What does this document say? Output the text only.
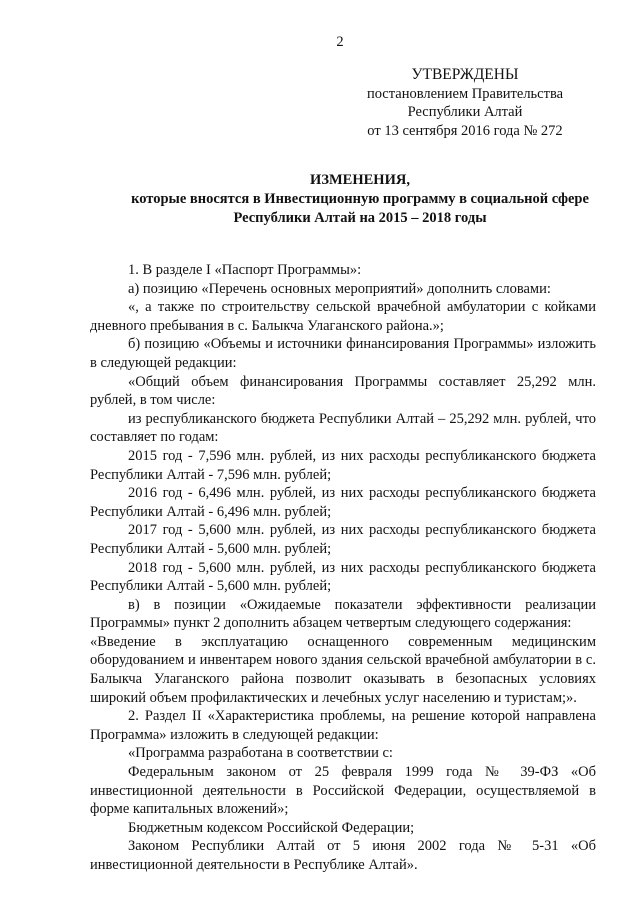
2
УТВЕРЖДЕНЫ
постановлением Правительства
Республики Алтай
от 13 сентября 2016 года № 272
ИЗМЕНЕНИЯ,
которые вносятся в Инвестиционную программу в социальной сфере
Республики Алтай на 2015 – 2018 годы

1. В разделе I «Паспорт Программы»:

а) позицию «Перечень основных мероприятий» дополнить словами:

«, а также по строительству сельской врачебной амбулатории с койками дневного пребывания в с. Балыкча Улаганского района.»;

б) позицию «Объемы и источники финансирования Программы» изложить в следующей редакции:

«Общий объем финансирования Программы составляет 25,292 млн. рублей, в том числе:

из республиканского бюджета Республики Алтай – 25,292 млн. рублей, что составляет по годам:

2015 год - 7,596 млн. рублей, из них расходы республиканского бюджета Республики Алтай - 7,596 млн. рублей;

2016 год - 6,496 млн. рублей, из них расходы республиканского бюджета Республики Алтай - 6,496 млн. рублей;

2017 год - 5,600 млн. рублей, из них расходы республиканского бюджета Республики Алтай - 5,600 млн. рублей;

2018 год - 5,600 млн. рублей, из них расходы республиканского бюджета Республики Алтай - 5,600 млн. рублей;

в) в позиции «Ожидаемые показатели эффективности реализации Программы» пункт 2 дополнить абзацем четвертым следующего содержания:

«Введение в эксплуатацию оснащенного современным медицинским оборудованием и инвентарем нового здания сельской врачебной амбулатории в с. Балыкча Улаганского района позволит оказывать в безопасных условиях широкий объем профилактических и лечебных услуг населению и туристам;».

2. Раздел II «Характеристика проблемы, на решение которой направлена Программа» изложить в следующей редакции:

«Программа разработана в соответствии с:

Федеральным законом от 25 февраля 1999 года № 39-ФЗ «Об инвестиционной деятельности в Российской Федерации, осуществляемой в форме капитальных вложений»;

Бюджетным кодексом Российской Федерации;

Законом Республики Алтай от 5 июня 2002 года № 5-31 «Об инвестиционной деятельности в Республике Алтай».
